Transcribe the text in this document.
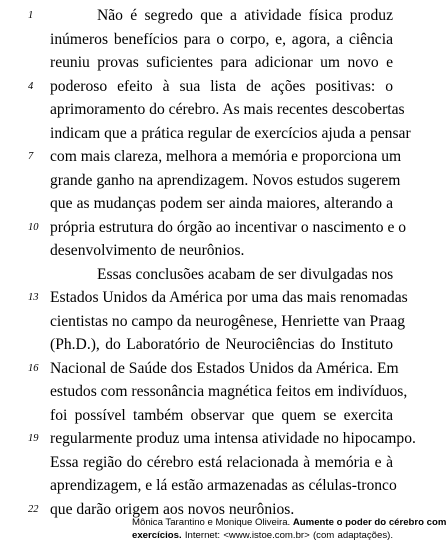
1	Não é segredo que a atividade física produz
inúmeros benefícios para o corpo, e, agora, a ciência
reuniu provas suficientes para adicionar um novo e
4	poderoso efeito à sua lista de ações positivas: o
aprimoramento do cérebro. As mais recentes descobertas
indicam que a prática regular de exercícios ajuda a pensar
7	com mais clareza, melhora a memória e proporciona um
grande ganho na aprendizagem. Novos estudos sugerem
que as mudanças podem ser ainda maiores, alterando a
10 própria estrutura do órgão ao incentivar o nascimento e o
desenvolvimento de neurônios.
Essas conclusões acabam de ser divulgadas nos
13 Estados Unidos da América por uma das mais renomadas
cientistas no campo da neurogênese, Henriette van Praag
(Ph.D.), do Laboratório de Neurociências do Instituto
16 Nacional de Saúde dos Estados Unidos da América. Em
estudos com ressonância magnética feitos em indivíduos,
foi possível também observar que quem se exercita
19 regularmente produz uma intensa atividade no hipocampo.
Essa região do cérebro está relacionada à memória e à
aprendizagem, e lá estão armazenadas as células-tronco
22 que darão origem aos novos neurônios.
Mônica Tarantino e Monique Oliveira. Aumente o poder do cérebro com
exercícios. Internet: <www.istoe.com.br> (com adaptações).
